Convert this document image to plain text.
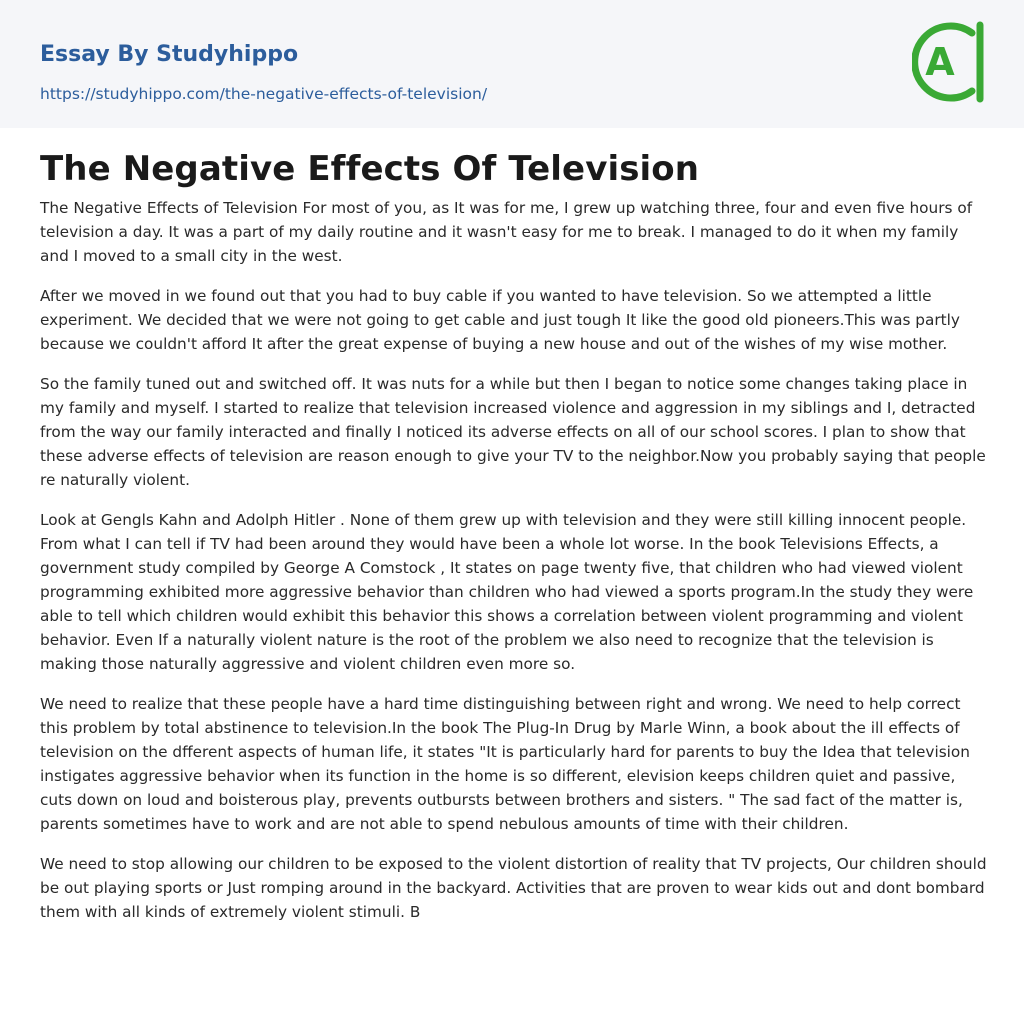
Essay By Studyhippo
https://studyhippo.com/the-negative-effects-of-television/
A
The Negative Effects Of Television

The Negative Effects of Television For most of you, as It was for me, I grew up watching three, four and even five hours of television a day. It was a part of my daily routine and it wasn't easy for me to break. I managed to do it when my family and I moved to a small city in the west.

After we moved in we found out that you had to buy cable if you wanted to have television. So we attempted a little experiment. We decided that we were not going to get cable and just tough It like the good old pioneers.This was partly because we couldn't afford It after the great expense of buying a new house and out of the wishes of my wise mother.

So the family tuned out and switched off. It was nuts for a while but then I began to notice some changes taking place in my family and myself. I started to realize that television increased violence and aggression in my siblings and I, detracted from the way our family interacted and finally I noticed its adverse effects on all of our school scores. I plan to show that these adverse effects of television are reason enough to give your TV to the neighbor.Now you probably saying that people re naturally violent.

Look at Gengls Kahn and Adolph Hitler . None of them grew up with television and they were still killing innocent people. From what I can tell if TV had been around they would have been a whole lot worse. In the book Televisions Effects, a government study compiled by George A Comstock , It states on page twenty five, that children who had viewed violent programming exhibited more aggressive behavior than children who had viewed a sports program.In the study they were able to tell which children would exhibit this behavior this shows a correlation between violent programming and violent behavior. Even If a naturally violent nature is the root of the problem we also need to recognize that the television is making those naturally aggressive and violent children even more so.

We need to realize that these people have a hard time distinguishing between right and wrong. We need to help correct this problem by total abstinence to television.In the book The Plug-In Drug by Marle Winn, a book about the ill effects of television on the dfferent aspects of human life, it states "It is particularly hard for parents to buy the Idea that television instigates aggressive behavior when its function in the home is so different, elevision keeps children quiet and passive, cuts down on loud and boisterous play, prevents outbursts between brothers and sisters. " The sad fact of the matter is, parents sometimes have to work and are not able to spend nebulous amounts of time with their children.

We need to stop allowing our children to be exposed to the violent distortion of reality that TV projects, Our children should be out playing sports or Just romping around in the backyard. Activities that are proven to wear kids out and dont bombard them with all kinds of extremely violent stimuli. B
